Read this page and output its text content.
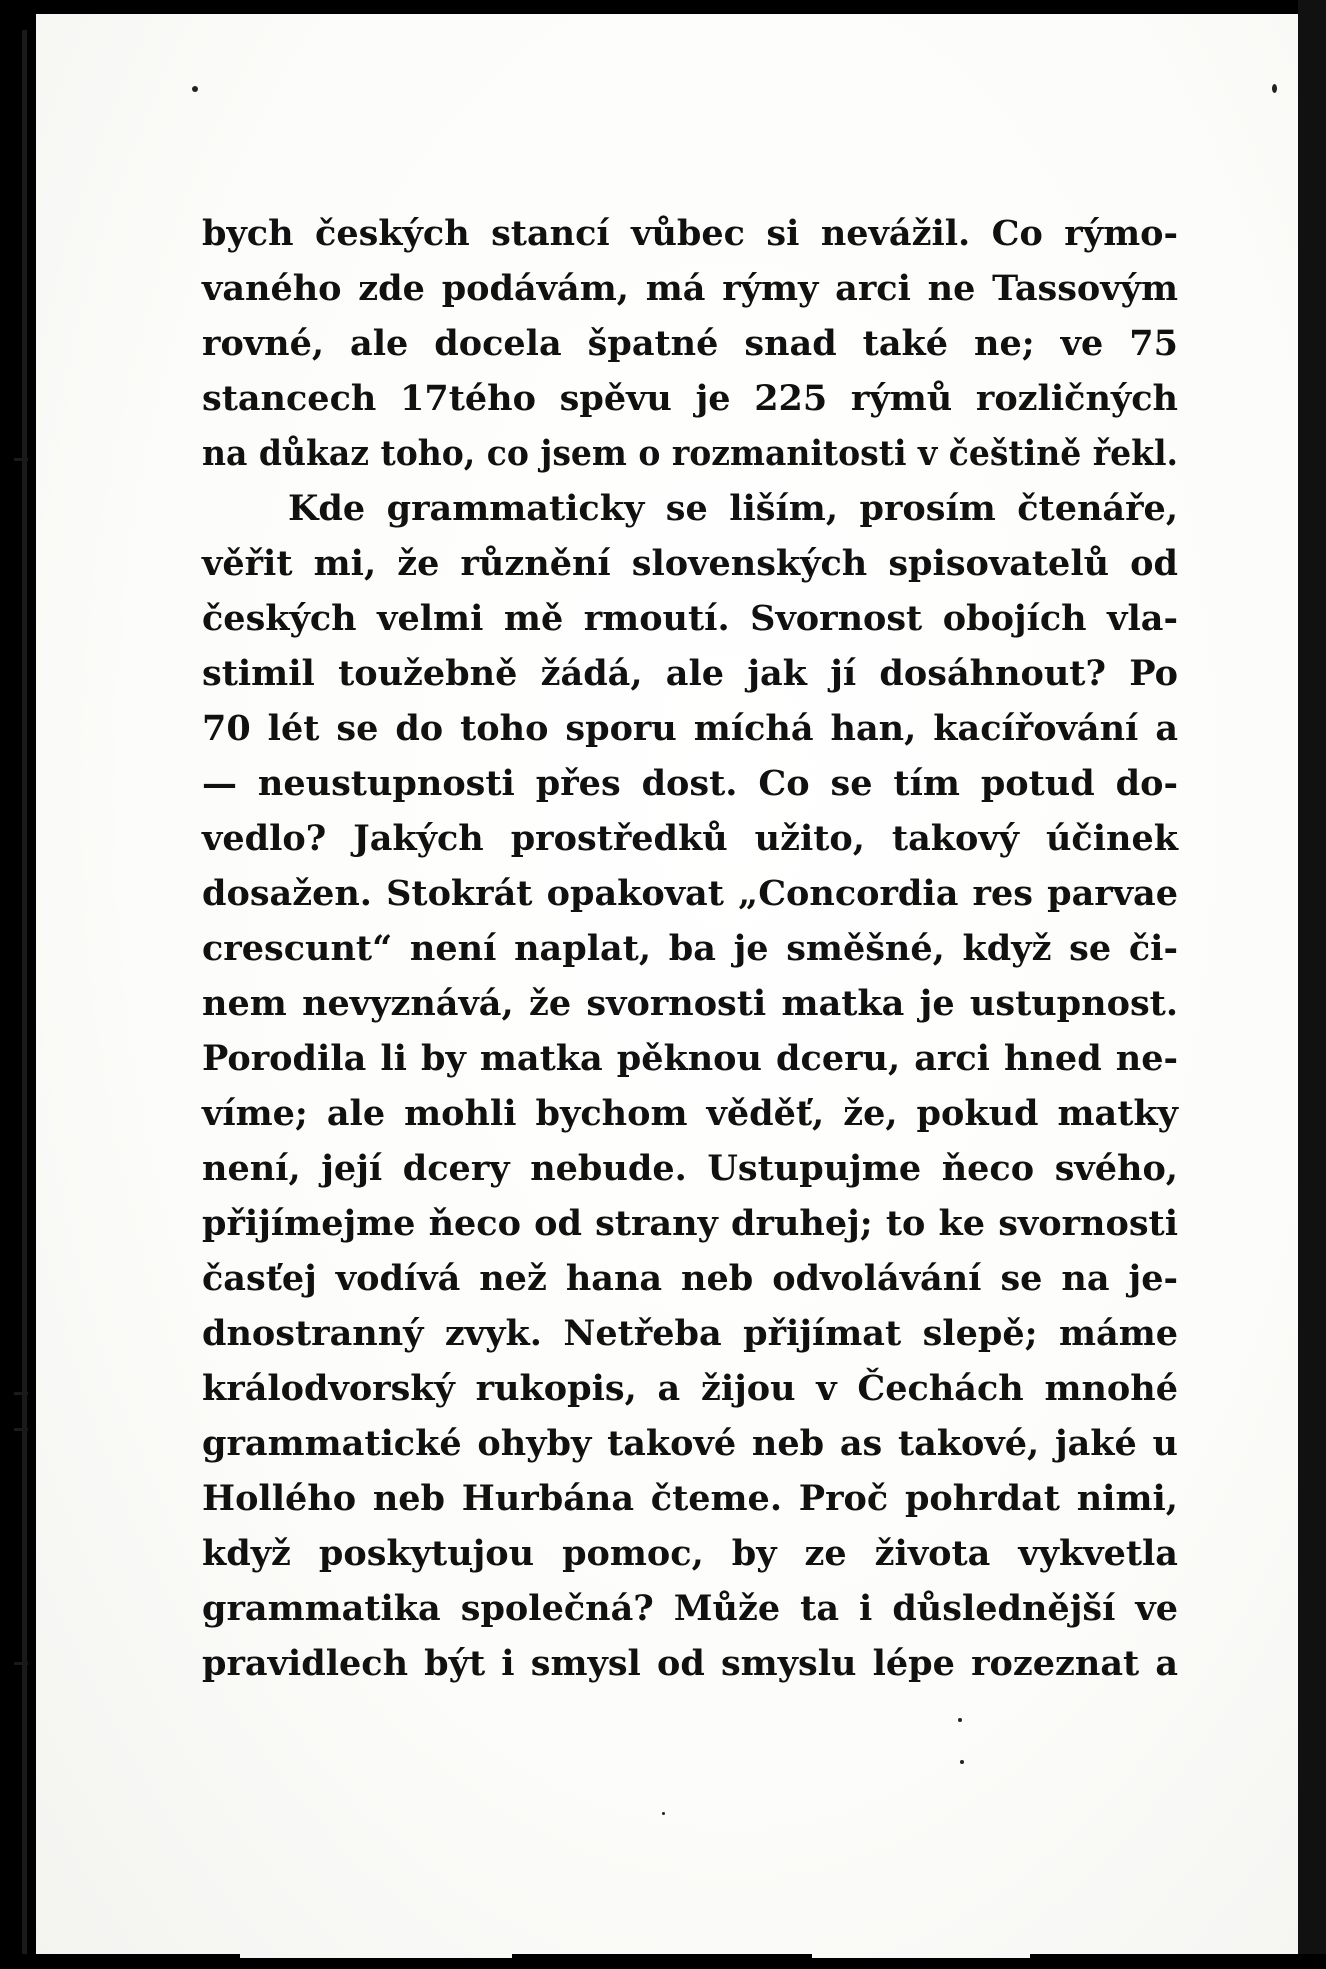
bych českých stancí vůbec si nevážil. Co rýmo-
vaného zde podávám, má rýmy arci ne Tassovým
rovné, ale docela špatné snad také ne; ve 75
stancech 17tého spěvu je 225 rýmů rozličných
na důkaz toho, co jsem o rozmanitosti v češtině řekl.
Kde grammaticky se liším, prosím čtenáře,
věřit mi, že různění slovenských spisovatelů od
českých velmi mě rmoutí. Svornost obojích vla-
stimil toužebně žádá, ale jak jí dosáhnout? Po
70 lét se do toho sporu míchá han, kacířování a
— neustupnosti přes dost. Co se tím potud do-
vedlo? Jakých prostředků užito, takový účinek
dosažen. Stokrát opakovat „Concordia res parvae
crescunt“ není naplat, ba je směšné, když se či-
nem nevyznává, že svornosti matka je ustupnost.
Porodila li by matka pěknou dceru, arci hned ne-
víme; ale mohli bychom věděť, že, pokud matky
není, její dcery nebude. Ustupujme ňeco svého,
přijímejme ňeco od strany druhej; to ke svornosti
časťej vodívá než hana neb odvolávání se na je-
dnostranný zvyk. Netřeba přijímat slepě; máme
králodvorský rukopis, a žijou v Čechách mnohé
grammatické ohyby takové neb as takové, jaké u
Hollého neb Hurbána čteme. Proč pohrdat nimi,
když poskytujou pomoc, by ze života vykvetla
grammatika společná? Může ta i důslednější ve
pravidlech být i smysl od smyslu lépe rozeznat a
